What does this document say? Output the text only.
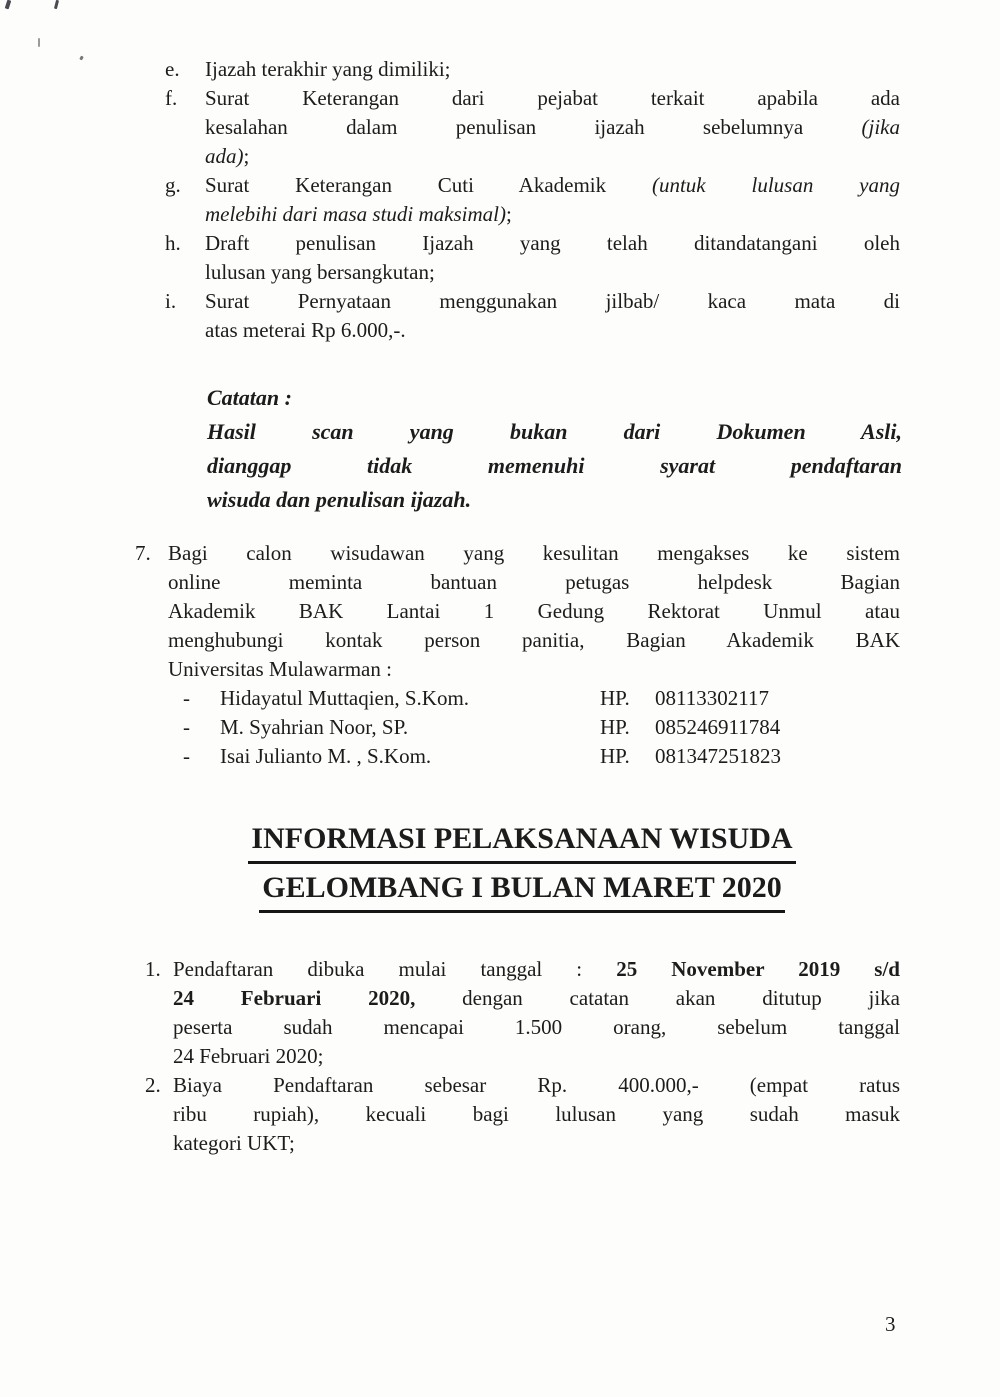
e.	Ijazah terakhir yang dimiliki;
f.	Surat Keterangan dari pejabat terkait apabila ada
kesalahan dalam penulisan ijazah sebelumnya (jika
ada);
g.	Surat Keterangan Cuti Akademik (untuk lulusan yang
melebihi dari masa studi maksimal);
h.	Draft penulisan Ijazah yang telah ditandatangani oleh
lulusan yang bersangkutan;
i.	Surat Pernyataan menggunakan jilbab/ kaca mata di
atas meterai Rp 6.000,-.
Catatan :
Hasil scan yang bukan dari Dokumen Asli,
dianggap tidak memenuhi syarat pendaftaran
wisuda dan penulisan ijazah.
7. Bagi calon wisudawan yang kesulitan mengakses ke sistem
online meminta bantuan petugas helpdesk Bagian
Akademik BAK Lantai 1 Gedung Rektorat Unmul atau
menghubungi kontak person panitia, Bagian Akademik BAK
Universitas Mulawarman :
-	Hidayatul Muttaqien, S.Kom.	HP.	08113302117
-	M. Syahrian Noor, SP.	HP.	085246911784
-	Isai Julianto M. , S.Kom.	HP.	081347251823
INFORMASI PELAKSANAAN WISUDA
GELOMBANG I BULAN MARET 2020
1. Pendaftaran dibuka mulai tanggal : 25 November 2019 s/d
24 Februari 2020, dengan catatan akan ditutup jika
peserta sudah mencapai 1.500 orang, sebelum tanggal
24 Februari 2020;
2. Biaya Pendaftaran sebesar Rp. 400.000,- (empat ratus
ribu rupiah), kecuali bagi lulusan yang sudah masuk
kategori UKT;
3
